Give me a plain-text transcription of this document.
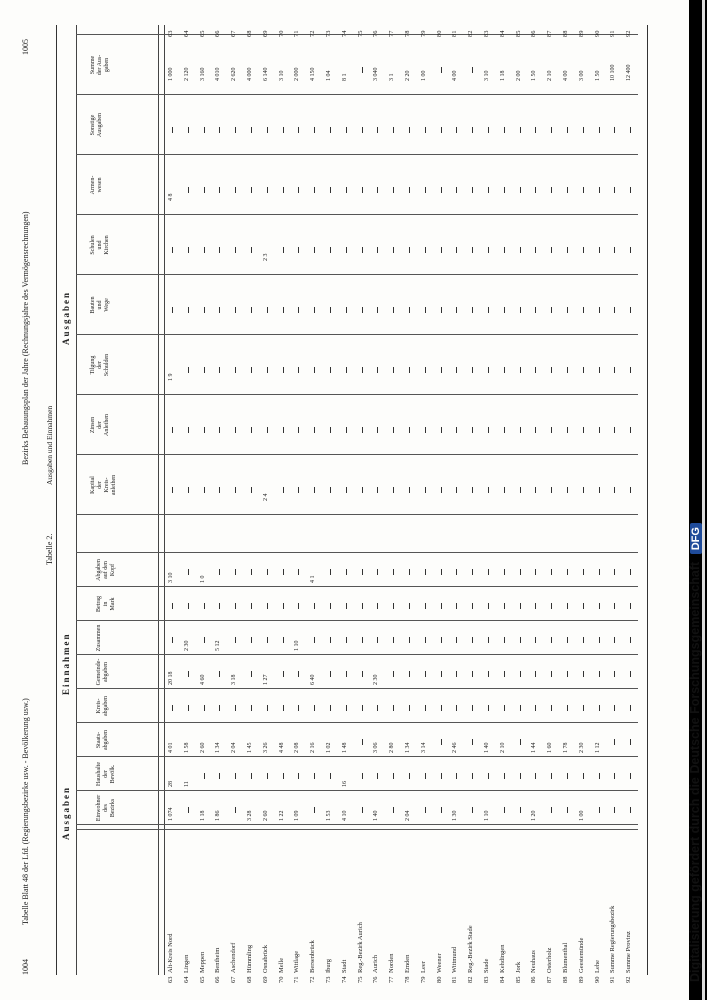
1004
Tabelle Blatt 48 der Lfd. (Regierungsbezirke usw. - Bevölkerung usw.)
Bezirks Bebauungsplan der Jahre (Rechnungsjahre des Vermögensrechnungen)
1005
Tabelle 2.
Ausgaben und Einnahmen
Ausgaben
Einnahmen
Ausgaben
Einwohner
des
Bezirks
Haushalte
der
Bevölk.
Staats-
abgaben
Kreis-
abgaben
Gemeinde-
abgaben
Zusammen
Betrag
in
Mark
Abgaben
auf den
Kopf
Kapital
der
Kreis-
anleihen
Zinsen
der
Anleihen
Tilgung
der
Schulden
Bauten
und
Wege
Schulen
und
Kirchen
Armen-
wesen
Sonstige
Ausgaben
Summe
der Aus-
gaben
63
Alt-Kreis Nord
63
1 074
28
4 01
20 18
3 10
1 9
4 8
1 000
64
Lingen
64
11
1 58
2 30
2 120
65
Meppen
65
1 18
2 60
4 60
1 0
3 160
66
Bentheim
66
1 86
1 34
5 12
4 010
67
Aschendorf
67
2 04
3 18
2 620
68
Hümmling
68
3 28
1 45
4 000
69
Osnabrück
69
2 60
3 26
1 27
2 4
2 3
6 140
70
Melle
70
1 22
4 48
3 10
71
Wittlage
71
1 09
2 08
1 10
2 000
72
Bersenbrück
72
2 16
6 40
4 1
4 150
73
Iburg
73
1 53
1 02
1 04
74
Stadt
74
4 10
16
1 48
8 1
75
Reg.-Bezirk Aurich
75
76
Aurich
76
1 40
3 06
2 30
3 040
77
Norden
77
2 80
3 1
78
Emden
78
2 04
1 34
2 20
79
Leer
79
3 14
1 00
80
Weener
80
81
Wittmund
81
1 30
2 46
4 00
82
Reg.-Bezirk Stade
82
83
Stade
83
1 10
1 40
3 10
84
Kehdingen
84
2 10
1 18
85
Jork
85
2 00
86
Neuhaus
86
1 20
1 44
1 50
87
Osterholz
87
1 60
2 10
88
Blumenthal
88
1 78
4 00
89
Geestemünde
89
1 00
2 30
3 00
90
Lehe
90
1 12
1 50
91
Summe Regierungsbezirk
91
10 100
92
Summe Provinz
92
12 400
Digitalisierung gefördert durch die Deutsche Forschungsgemeinschaft DFG
